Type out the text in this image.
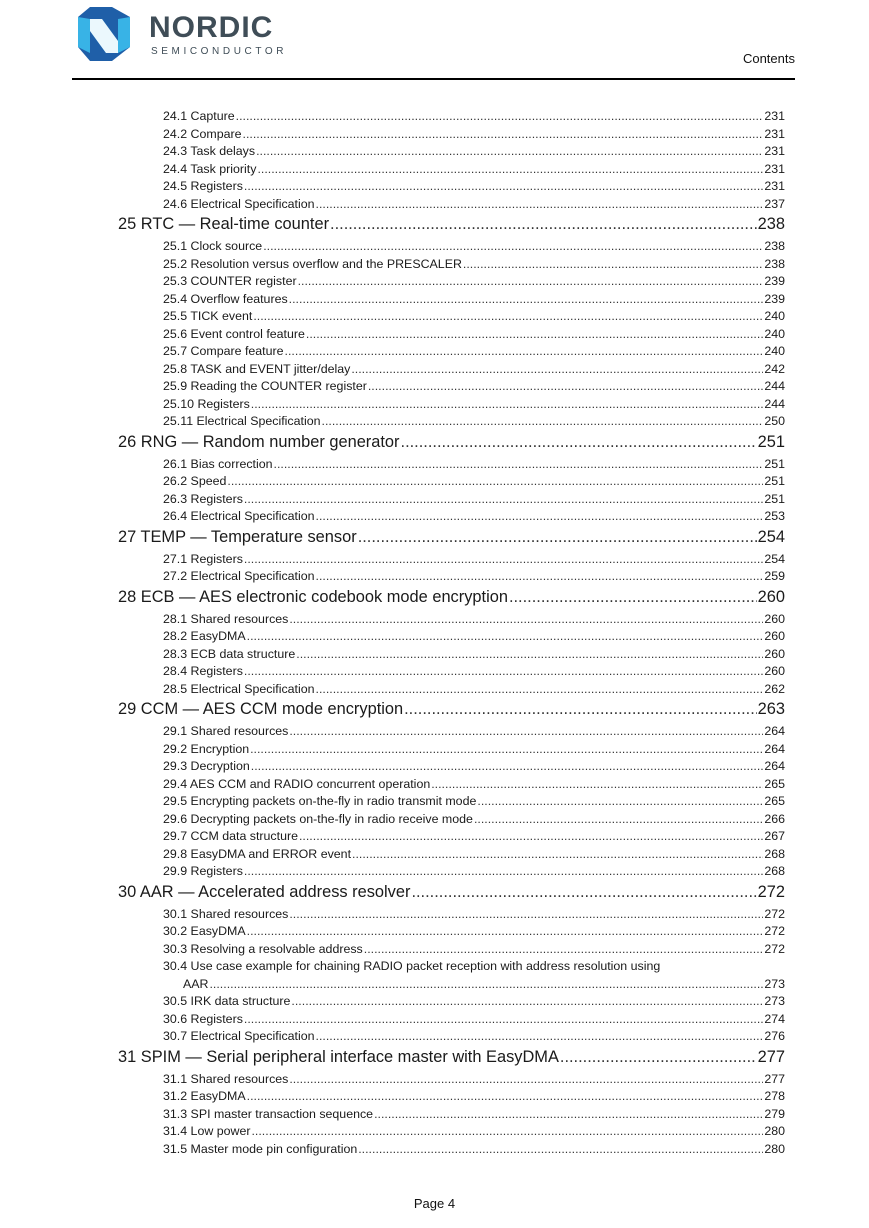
NORDIC
SEMICONDUCTOR	Contents
24.1 Capture .....	231
24.2 Compare .....	231
24.3 Task delays .....	231
24.4 Task priority .....	231
24.5 Registers .....	231
24.6 Electrical Specification .....	237
25 RTC — Real-time counter .....	238
25.1 Clock source .....	238
25.2 Resolution versus overflow and the PRESCALER .....	238
25.3 COUNTER register .....	239
25.4 Overflow features .....	239
25.5 TICK event .....	240
25.6 Event control feature .....	240
25.7 Compare feature .....	240
25.8 TASK and EVENT jitter/delay .....	242
25.9 Reading the COUNTER register .....	244
25.10 Registers .....	244
25.11 Electrical Specification .....	250
26 RNG — Random number generator .....	251
26.1 Bias correction .....	251
26.2 Speed .....	251
26.3 Registers .....	251
26.4 Electrical Specification .....	253
27 TEMP — Temperature sensor .....	254
27.1 Registers .....	254
27.2 Electrical Specification .....	259
28 ECB — AES electronic codebook mode encryption .....	260
28.1 Shared resources .....	260
28.2 EasyDMA .....	260
28.3 ECB data structure .....	260
28.4 Registers .....	260
28.5 Electrical Specification .....	262
29 CCM — AES CCM mode encryption .....	263
29.1 Shared resources .....	264
29.2 Encryption .....	264
29.3 Decryption .....	264
29.4 AES CCM and RADIO concurrent operation .....	265
29.5 Encrypting packets on-the-fly in radio transmit mode .....	265
29.6 Decrypting packets on-the-fly in radio receive mode .....	266
29.7 CCM data structure .....	267
29.8 EasyDMA and ERROR event .....	268
29.9 Registers .....	268
30 AAR — Accelerated address resolver .....	272
30.1 Shared resources .....	272
30.2 EasyDMA .....	272
30.3 Resolving a resolvable address .....	272
30.4 Use case example for chaining RADIO packet reception with address resolution using
AAR .....	273
30.5 IRK data structure .....	273
30.6 Registers .....	274
30.7 Electrical Specification .....	276
31 SPIM — Serial peripheral interface master with EasyDMA .....	277
31.1 Shared resources .....	277
31.2 EasyDMA .....	278
31.3 SPI master transaction sequence .....	279
31.4 Low power .....	280
31.5 Master mode pin configuration .....	280
Page 4
